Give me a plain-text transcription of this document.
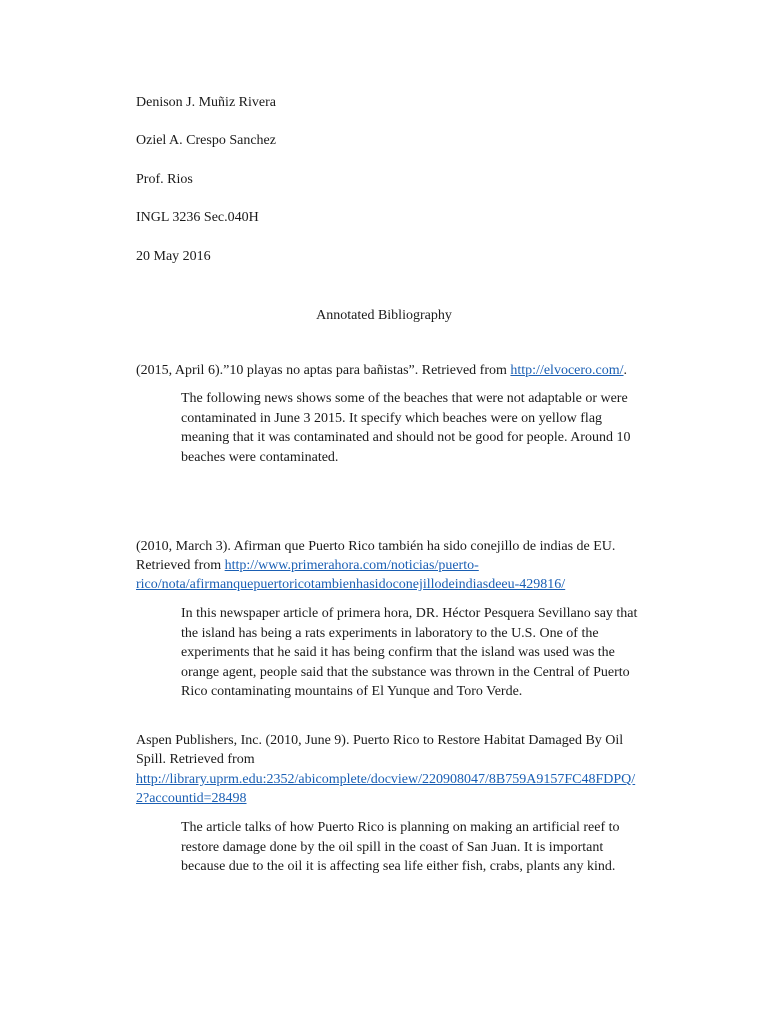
Denison J. Muñiz Rivera
Oziel A. Crespo Sanchez
Prof. Rios
INGL 3236 Sec.040H
20 May 2016
Annotated Bibliography
(2015, April 6).”10 playas no aptas para bañistas”. Retrieved from http://elvocero.com/.
The following news shows some of the beaches that were not adaptable or were
contaminated in June 3 2015. It specify which beaches were on yellow flag
meaning that it was contaminated and should not be good for people. Around 10
beaches were contaminated.
(2010, March 3). Afirman que Puerto Rico también ha sido conejillo de indias de EU.
Retrieved from http://www.primerahora.com/noticias/puerto-
rico/nota/afirmanquepuertoricotambienhasidoconejillodeindiasdeeu-429816/
In this newspaper article of primera hora, DR. Héctor Pesquera Sevillano say that
the island has being a rats experiments in laboratory to the U.S. One of the
experiments that he said it has being confirm that the island was used was the
orange agent, people said that the substance was thrown in the Central of Puerto
Rico contaminating mountains of El Yunque and Toro Verde.
Aspen Publishers, Inc. (2010, June 9). Puerto Rico to Restore Habitat Damaged By Oil
Spill. Retrieved from
http://library.uprm.edu:2352/abicomplete/docview/220908047/8B759A9157FC48FDPQ/
2?accountid=28498
The article talks of how Puerto Rico is planning on making an artificial reef to
restore damage done by the oil spill in the coast of San Juan. It is important
because due to the oil it is affecting sea life either fish, crabs, plants any kind.
